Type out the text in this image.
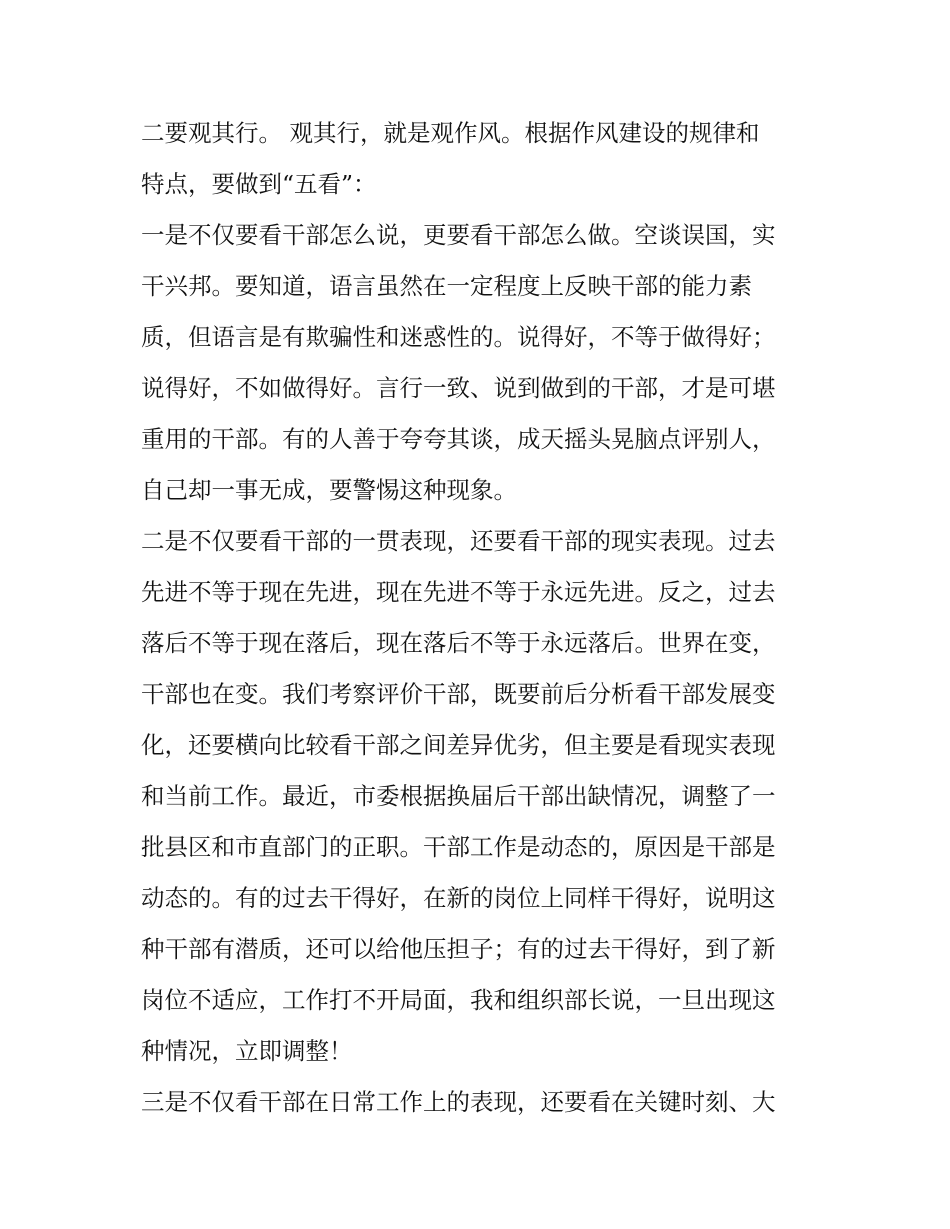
二要观其行。 观其行，就是观作风。根据作风建设的规律和
特点，要做到“五看”：
一是不仅要看干部怎么说，更要看干部怎么做。空谈误国，实
干兴邦。要知道，语言虽然在一定程度上反映干部的能力素
质，但语言是有欺骗性和迷惑性的。说得好，不等于做得好；
说得好，不如做得好。言行一致、说到做到的干部，才是可堪
重用的干部。有的人善于夸夸其谈，成天摇头晃脑点评别人，
自己却一事无成，要警惕这种现象。
二是不仅要看干部的一贯表现，还要看干部的现实表现。过去
先进不等于现在先进，现在先进不等于永远先进。反之，过去
落后不等于现在落后，现在落后不等于永远落后。世界在变，
干部也在变。我们考察评价干部，既要前后分析看干部发展变
化，还要横向比较看干部之间差异优劣，但主要是看现实表现
和当前工作。最近，市委根据换届后干部出缺情况，调整了一
批县区和市直部门的正职。干部工作是动态的，原因是干部是
动态的。有的过去干得好，在新的岗位上同样干得好，说明这
种干部有潜质，还可以给他压担子；有的过去干得好，到了新
岗位不适应，工作打不开局面，我和组织部长说，一旦出现这
种情况，立即调整！
三是不仅看干部在日常工作上的表现，还要看在关键时刻、大
